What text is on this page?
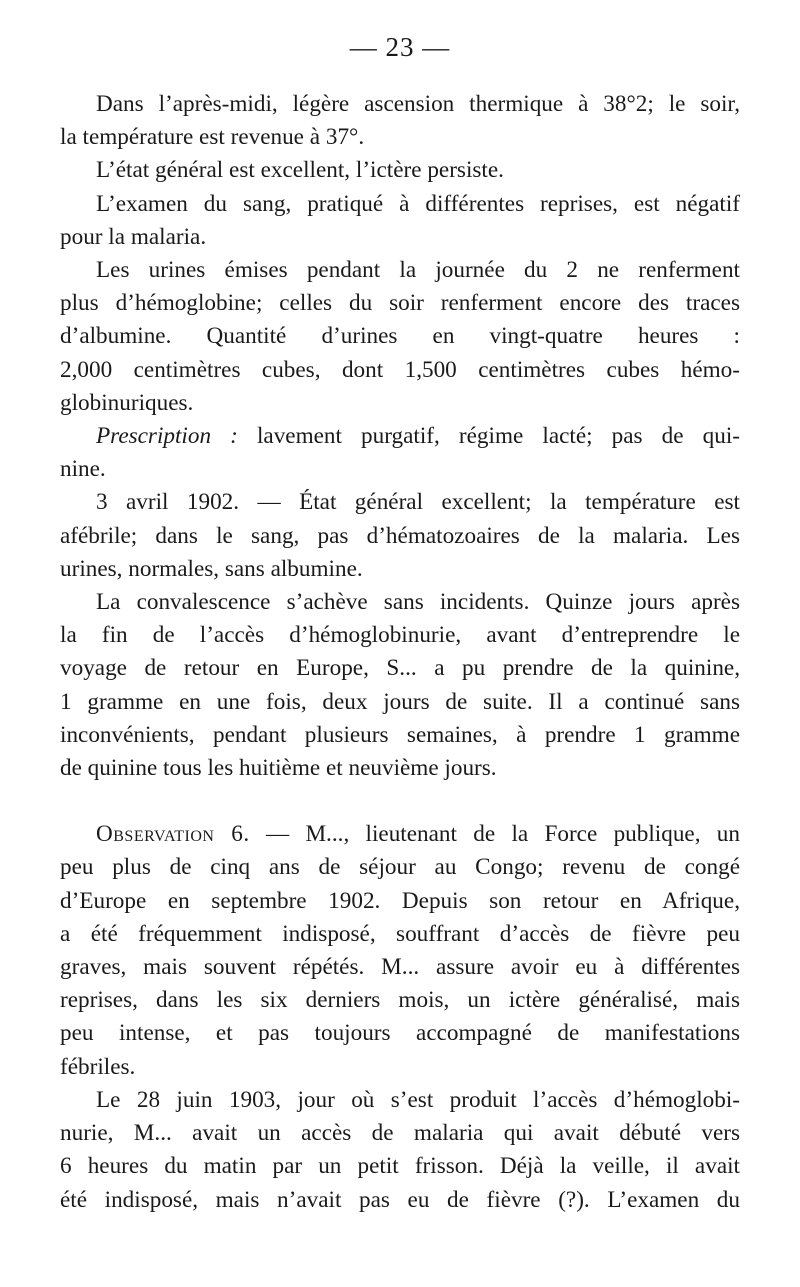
— 23 —
Dans l’après-midi, légère ascension thermique à 38°2; le soir,
la température est revenue à 37°.
L’état général est excellent, l’ictère persiste.
L’examen du sang, pratiqué à différentes reprises, est négatif
pour la malaria.
Les urines émises pendant la journée du 2 ne renferment
plus d’hémoglobine; celles du soir renferment encore des traces
d’albumine. Quantité d’urines en vingt-quatre heures :
2,000 centimètres cubes, dont 1,500 centimètres cubes hémo-
globinuriques.
Prescription : lavement purgatif, régime lacté; pas de qui-
nine.
3 avril 1902. — État général excellent; la température est
afébrile; dans le sang, pas d’hématozoaires de la malaria. Les
urines, normales, sans albumine.
La convalescence s’achève sans incidents. Quinze jours après
la fin de l’accès d’hémoglobinurie, avant d’entreprendre le
voyage de retour en Europe, S... a pu prendre de la quinine,
1 gramme en une fois, deux jours de suite. Il a continué sans
inconvénients, pendant plusieurs semaines, à prendre 1 gramme
de quinine tous les huitième et neuvième jours.
Observation 6. — M..., lieutenant de la Force publique, un
peu plus de cinq ans de séjour au Congo; revenu de congé
d’Europe en septembre 1902. Depuis son retour en Afrique,
a été fréquemment indisposé, souffrant d’accès de fièvre peu
graves, mais souvent répétés. M... assure avoir eu à différentes
reprises, dans les six derniers mois, un ictère généralisé, mais
peu intense, et pas toujours accompagné de manifestations
fébriles.
Le 28 juin 1903, jour où s’est produit l’accès d’hémoglobi-
nurie, M... avait un accès de malaria qui avait débuté vers
6 heures du matin par un petit frisson. Déjà la veille, il avait
été indisposé, mais n’avait pas eu de fièvre (?). L’examen du
